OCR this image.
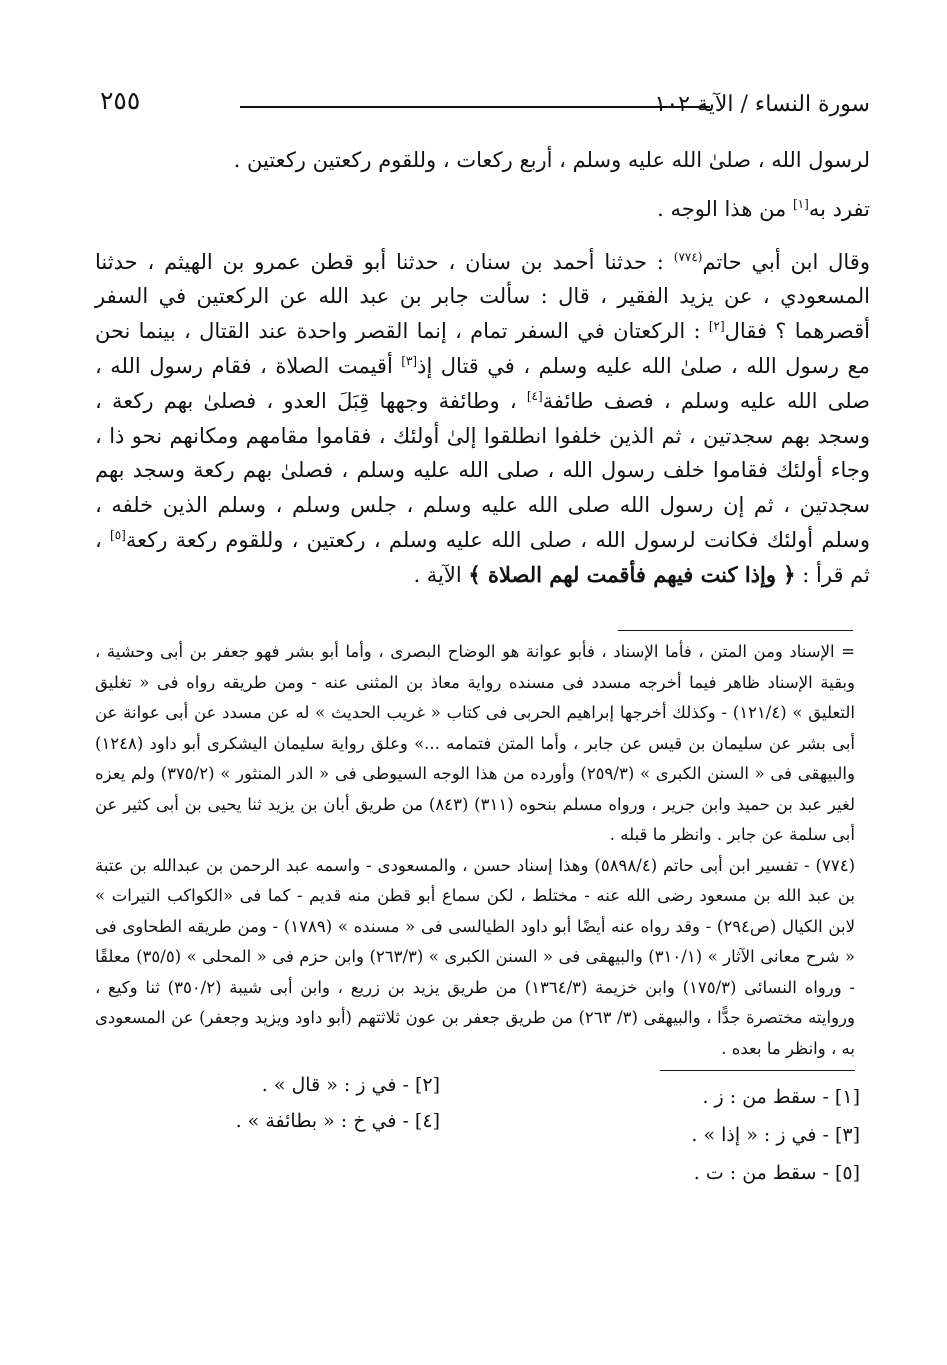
٢٥٥	سورة النساء / الآية ١٠٢

لرسول الله ، صلىٰ الله عليه وسلم ، أربع ركعات ، وللقوم ركعتين ركعتين .

تفرد به[١] من هذا الوجه .

وقال ابن أبي حاتم$^{(٧٧٤)}$ : حدثنا أحمد بن سنان ، حدثنا أبو قطن عمرو بن الهيثم ، حدثنا المسعودي ، عن يزيد الفقير ، قال : سألت جابر بن عبد الله عن الركعتين في السفر أقصرهما ؟ فقال[٢] : الركعتان في السفر تمام ، إنما القصر واحدة عند القتال ، بينما نحن مع رسول الله ، صلىٰ الله عليه وسلم ، في قتال إذ[٣] أقيمت الصلاة ، فقام رسول الله ، صلى الله عليه وسلم ، فصف طائفة[٤] ، وطائفة وجهها قِبَلَ العدو ، فصلىٰ بهم ركعة ، وسجد بهم سجدتين ، ثم الذين خلفوا انطلقوا إلىٰ أولئك ، فقاموا مقامهم ومكانهم نحو ذا ، وجاء أولئك فقاموا خلف رسول الله ، صلى الله عليه وسلم ، فصلىٰ بهم ركعة وسجد بهم سجدتين ، ثم إن رسول الله صلى الله عليه وسلم ، جلس وسلم ، وسلم الذين خلفه ، وسلم أولئك فكانت لرسول الله ، صلى الله عليه وسلم ، ركعتين ، وللقوم ركعة ركعة[٥] ، ثم قرأ : ﴿ وإذا كنت فيهم فأقمت لهم الصلاة ﴾ الآية .

= الإسناد ومن المتن ، فأما الإسناد ، فأبو عوانة هو الوضاح البصرى ، وأما أبو بشر فهو جعفر بن أبى وحشية ، وبقية الإسناد ظاهر فيما أخرجه مسدد فى مسنده رواية معاذ بن المثنى عنه - ومن طريقه رواه فى « تغليق التعليق » (١٢١/٤) - وكذلك أخرجها إبراهيم الحربى فى كتاب « غريب الحديث » له عن مسدد عن أبى عوانة عن أبى بشر عن سليمان بن قيس عن جابر ، وأما المتن فتمامه ...» وعلق رواية سليمان اليشكرى أبو داود (١٢٤٨) والبيهقى فى « السنن الكبرى » (٢٥٩/٣) وأورده من هذا الوجه السيوطى فى « الدر المنثور » (٣٧٥/٢) ولم يعزه لغير عبد بن حميد وابن جرير ، ورواه مسلم بنحوه (٣١١) (٨٤٣) من طريق أبان بن يزيد ثنا يحيى بن أبى كثير عن أبى سلمة عن جابر . وانظر ما قبله .

(٧٧٤) - تفسير ابن أبى حاتم (٥٨٩٨/٤) وهذا إسناد حسن ، والمسعودى - واسمه عبد الرحمن بن عبدالله بن عتبة بن عبد الله بن مسعود رضى الله عنه - مختلط ، لكن سماع أبو قطن منه قديم - كما فى «الكواكب النيرات » لابن الكيال (ص٢٩٤) - وقد رواه عنه أيضًا أبو داود الطيالسى فى « مسنده » (١٧٨٩) - ومن طريقه الطحاوى فى « شرح معانى الآثار » (٣١٠/١) والبيهقى فى « السنن الكبرى » (٢٦٣/٣) وابن حزم فى « المحلى » (٣٥/٥) معلقًا - ورواه النسائى (١٧٥/٣) وابن خزيمة (١٣٦٤/٣) من طريق يزيد بن زريع ، وابن أبى شيبة (٣٥٠/٢) ثنا وكيع ، وروايته مختصرة جدًّا ، والبيهقى (٣/ ٢٦٣) من طريق جعفر بن عون ثلاثتهم (أبو داود ويزيد وجعفر) عن المسعودى به ، وانظر ما بعده .

[١] - سقط من : ز .
[٢] - في ز : « قال » .
[٣] - في ز : « إذا » .
[٤] - في خ : « بطائفة » .
[٥] - سقط من : ت .
